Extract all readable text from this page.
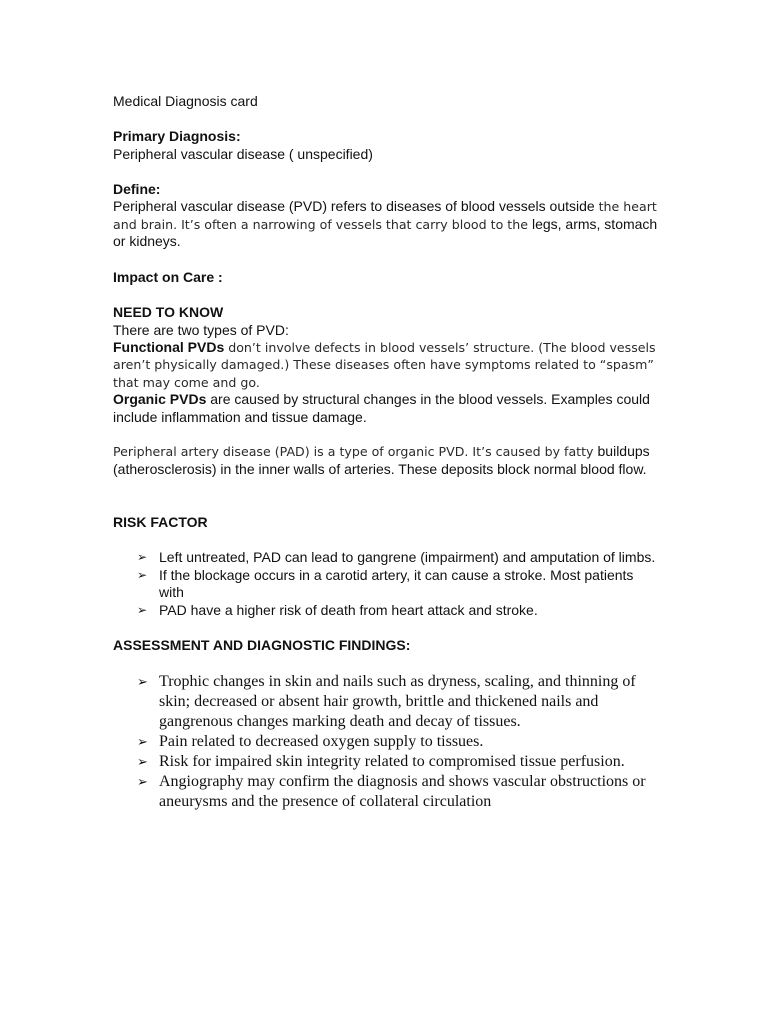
Medical Diagnosis card
Primary Diagnosis:
Peripheral vascular disease ( unspecified)
Define:
Peripheral vascular disease (PVD) refers to diseases of blood vessels outside the heart and brain. It’s often a narrowing of vessels that carry blood to the legs, arms, stomach or kidneys.
Impact on Care :
NEED TO KNOW
There are two types of PVD:
Functional PVDs don’t involve defects in blood vessels’ structure. (The blood vessels aren’t physically damaged.) These diseases often have symptoms related to “spasm” that may come and go.
Organic PVDs are caused by structural changes in the blood vessels. Examples could include inflammation and tissue damage.
Peripheral artery disease (PAD) is a type of organic PVD. It’s caused by fatty buildups (atherosclerosis) in the inner walls of arteries. These deposits block normal blood flow.
RISK FACTOR
➢ Left untreated, PAD can lead to gangrene (impairment) and amputation of limbs.
➢ If the blockage occurs in a carotid artery, it can cause a stroke. Most patients with
➢ PAD have a higher risk of death from heart attack and stroke.
ASSESSMENT AND DIAGNOSTIC FINDINGS:
➢ Trophic changes in skin and nails such as dryness, scaling, and thinning of skin; decreased or absent hair growth, brittle and thickened nails and gangrenous changes marking death and decay of tissues.
➢ Pain related to decreased oxygen supply to tissues.
➢ Risk for impaired skin integrity related to compromised tissue perfusion.
➢ Angiography may confirm the diagnosis and shows vascular obstructions or aneurysms and the presence of collateral circulation
